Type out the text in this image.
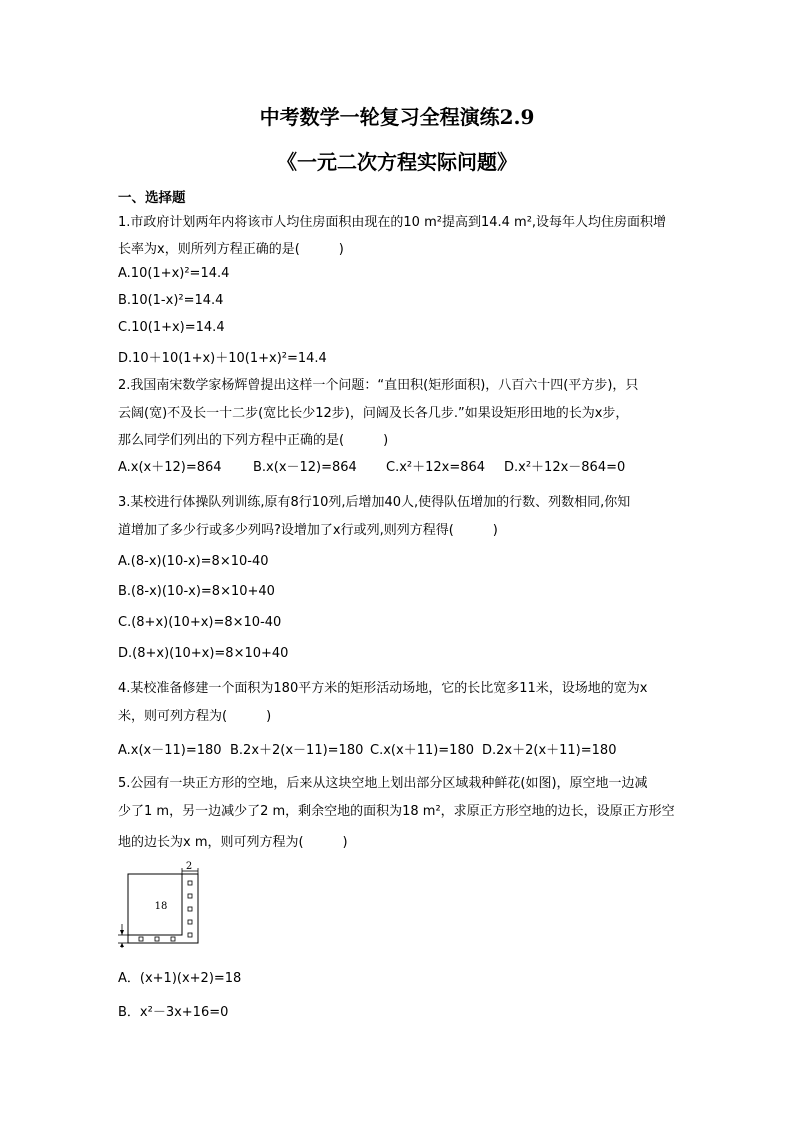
中考数学一轮复习全程演练2.9
《一元二次方程实际问题》
一、选择题
1.市政府计划两年内将该市人均住房面积由现在的10 m²提高到14.4 m²,设每年人均住房面积增
长率为x，则所列方程正确的是(　　　)
A.10(1+x)²=14.4
B.10(1-x)²=14.4
C.10(1+x)=14.4
D.10＋10(1+x)＋10(1+x)²=14.4
2.我国南宋数学家杨辉曾提出这样一个问题：“直田积(矩形面积)，八百六十四(平方步)，只
云阔(宽)不及长一十二步(宽比长少12步)，问阔及长各几步.”如果设矩形田地的长为x步，
那么同学们列出的下列方程中正确的是(　　　)
A.x(x＋12)=864 B.x(x－12)=864 C.x²＋12x=864 D.x²＋12x－864=0
3.某校进行体操队列训练,原有8行10列,后增加40人,使得队伍增加的行数、列数相同,你知
道增加了多少行或多少列吗?设增加了x行或列,则列方程得(　　　)
A.(8-x)(10-x)=8×10-40
B.(8-x)(10-x)=8×10+40
C.(8+x)(10+x)=8×10-40
D.(8+x)(10+x)=8×10+40
4.某校准备修建一个面积为180平方米的矩形活动场地，它的长比宽多11米，设场地的宽为x
米，则可列方程为(　　　)
A.x(x－11)=180 B.2x＋2(x－11)=180 C.x(x＋11)=180 D.2x＋2(x＋11)=180
5.公园有一块正方形的空地，后来从这块空地上划出部分区域栽种鲜花(如图)，原空地一边减
少了1 m，另一边减少了2 m，剩余空地的面积为18 m²，求原正方形空地的边长，设原正方形空
地的边长为x m，则可列方程为(　　　)
2
18
A．(x+1)(x+2)=18
B．x²－3x+16=0
